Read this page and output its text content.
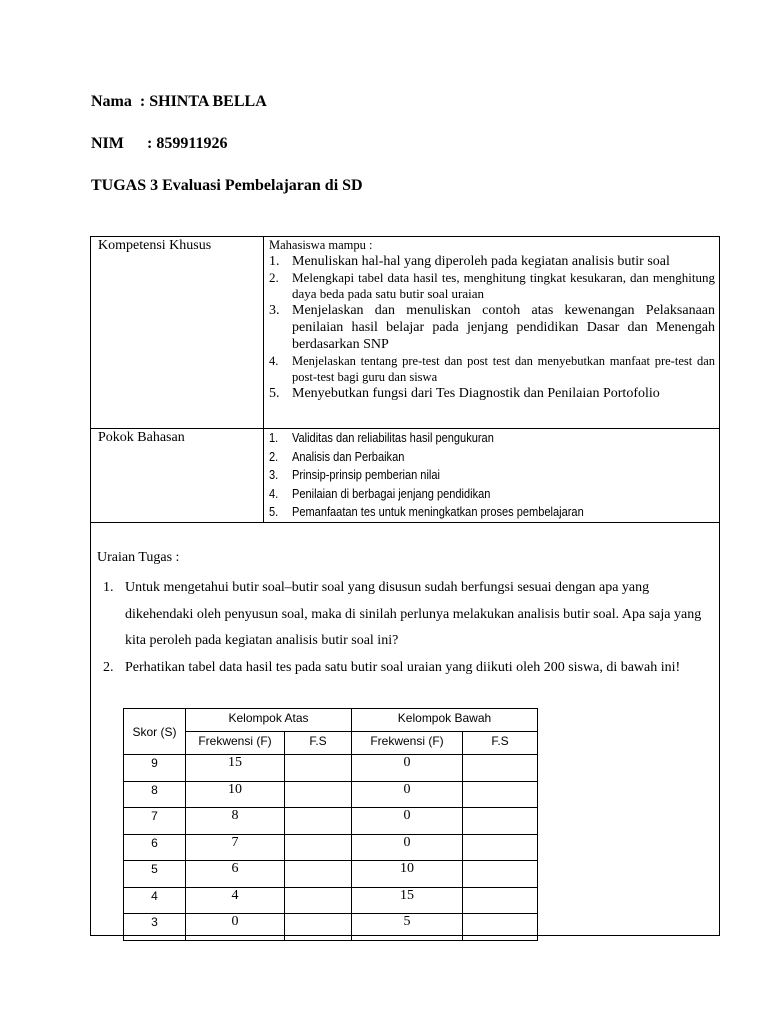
Nama : SHINTA BELLA

NIM : 859911926

TUGAS 3 Evaluasi Pembelajaran di SD

Kompetensi Khusus	Mahasiswa mampu :
1. Menuliskan hal-hal yang diperoleh pada kegiatan analisis butir soal
2. Melengkapi tabel data hasil tes, menghitung tingkat kesukaran, dan menghitung daya beda pada satu butir soal uraian
3. Menjelaskan dan menuliskan contoh atas kewenangan Pelaksanaan penilaian hasil belajar pada jenjang pendidikan Dasar dan Menengah berdasarkan SNP
4. Menjelaskan tentang pre-test dan post test dan menyebutkan manfaat pre-test dan post-test bagi guru dan siswa
5. Menyebutkan fungsi dari Tes Diagnostik dan Penilaian Portofolio
Pokok Bahasan	1. Validitas dan reliabilitas hasil pengukuran
2. Analisis dan Perbaikan
3. Prinsip-prinsip pemberian nilai
4. Penilaian di berbagai jenjang pendidikan
5. Pemanfaatan tes untuk meningkatkan proses pembelajaran
Uraian Tugas :
1. Untuk mengetahui butir soal–butir soal yang disusun sudah berfungsi sesuai dengan apa yang dikehendaki oleh penyusun soal, maka di sinilah perlunya melakukan analisis butir soal. Apa saja yang kita peroleh pada kegiatan analisis butir soal ini?
2. Perhatikan tabel data hasil tes pada satu butir soal uraian yang diikuti oleh 200 siswa, di bawah ini!
Skor (S)	Kelompok Atas		Kelompok Bawah	
	Frekwensi (F)	F.S	Frekwensi (F)	F.S
9	15		0	
8	10		0	
7	8		0	
6	7		0	
5	6		10	
4	4		15	
3	0		5	
